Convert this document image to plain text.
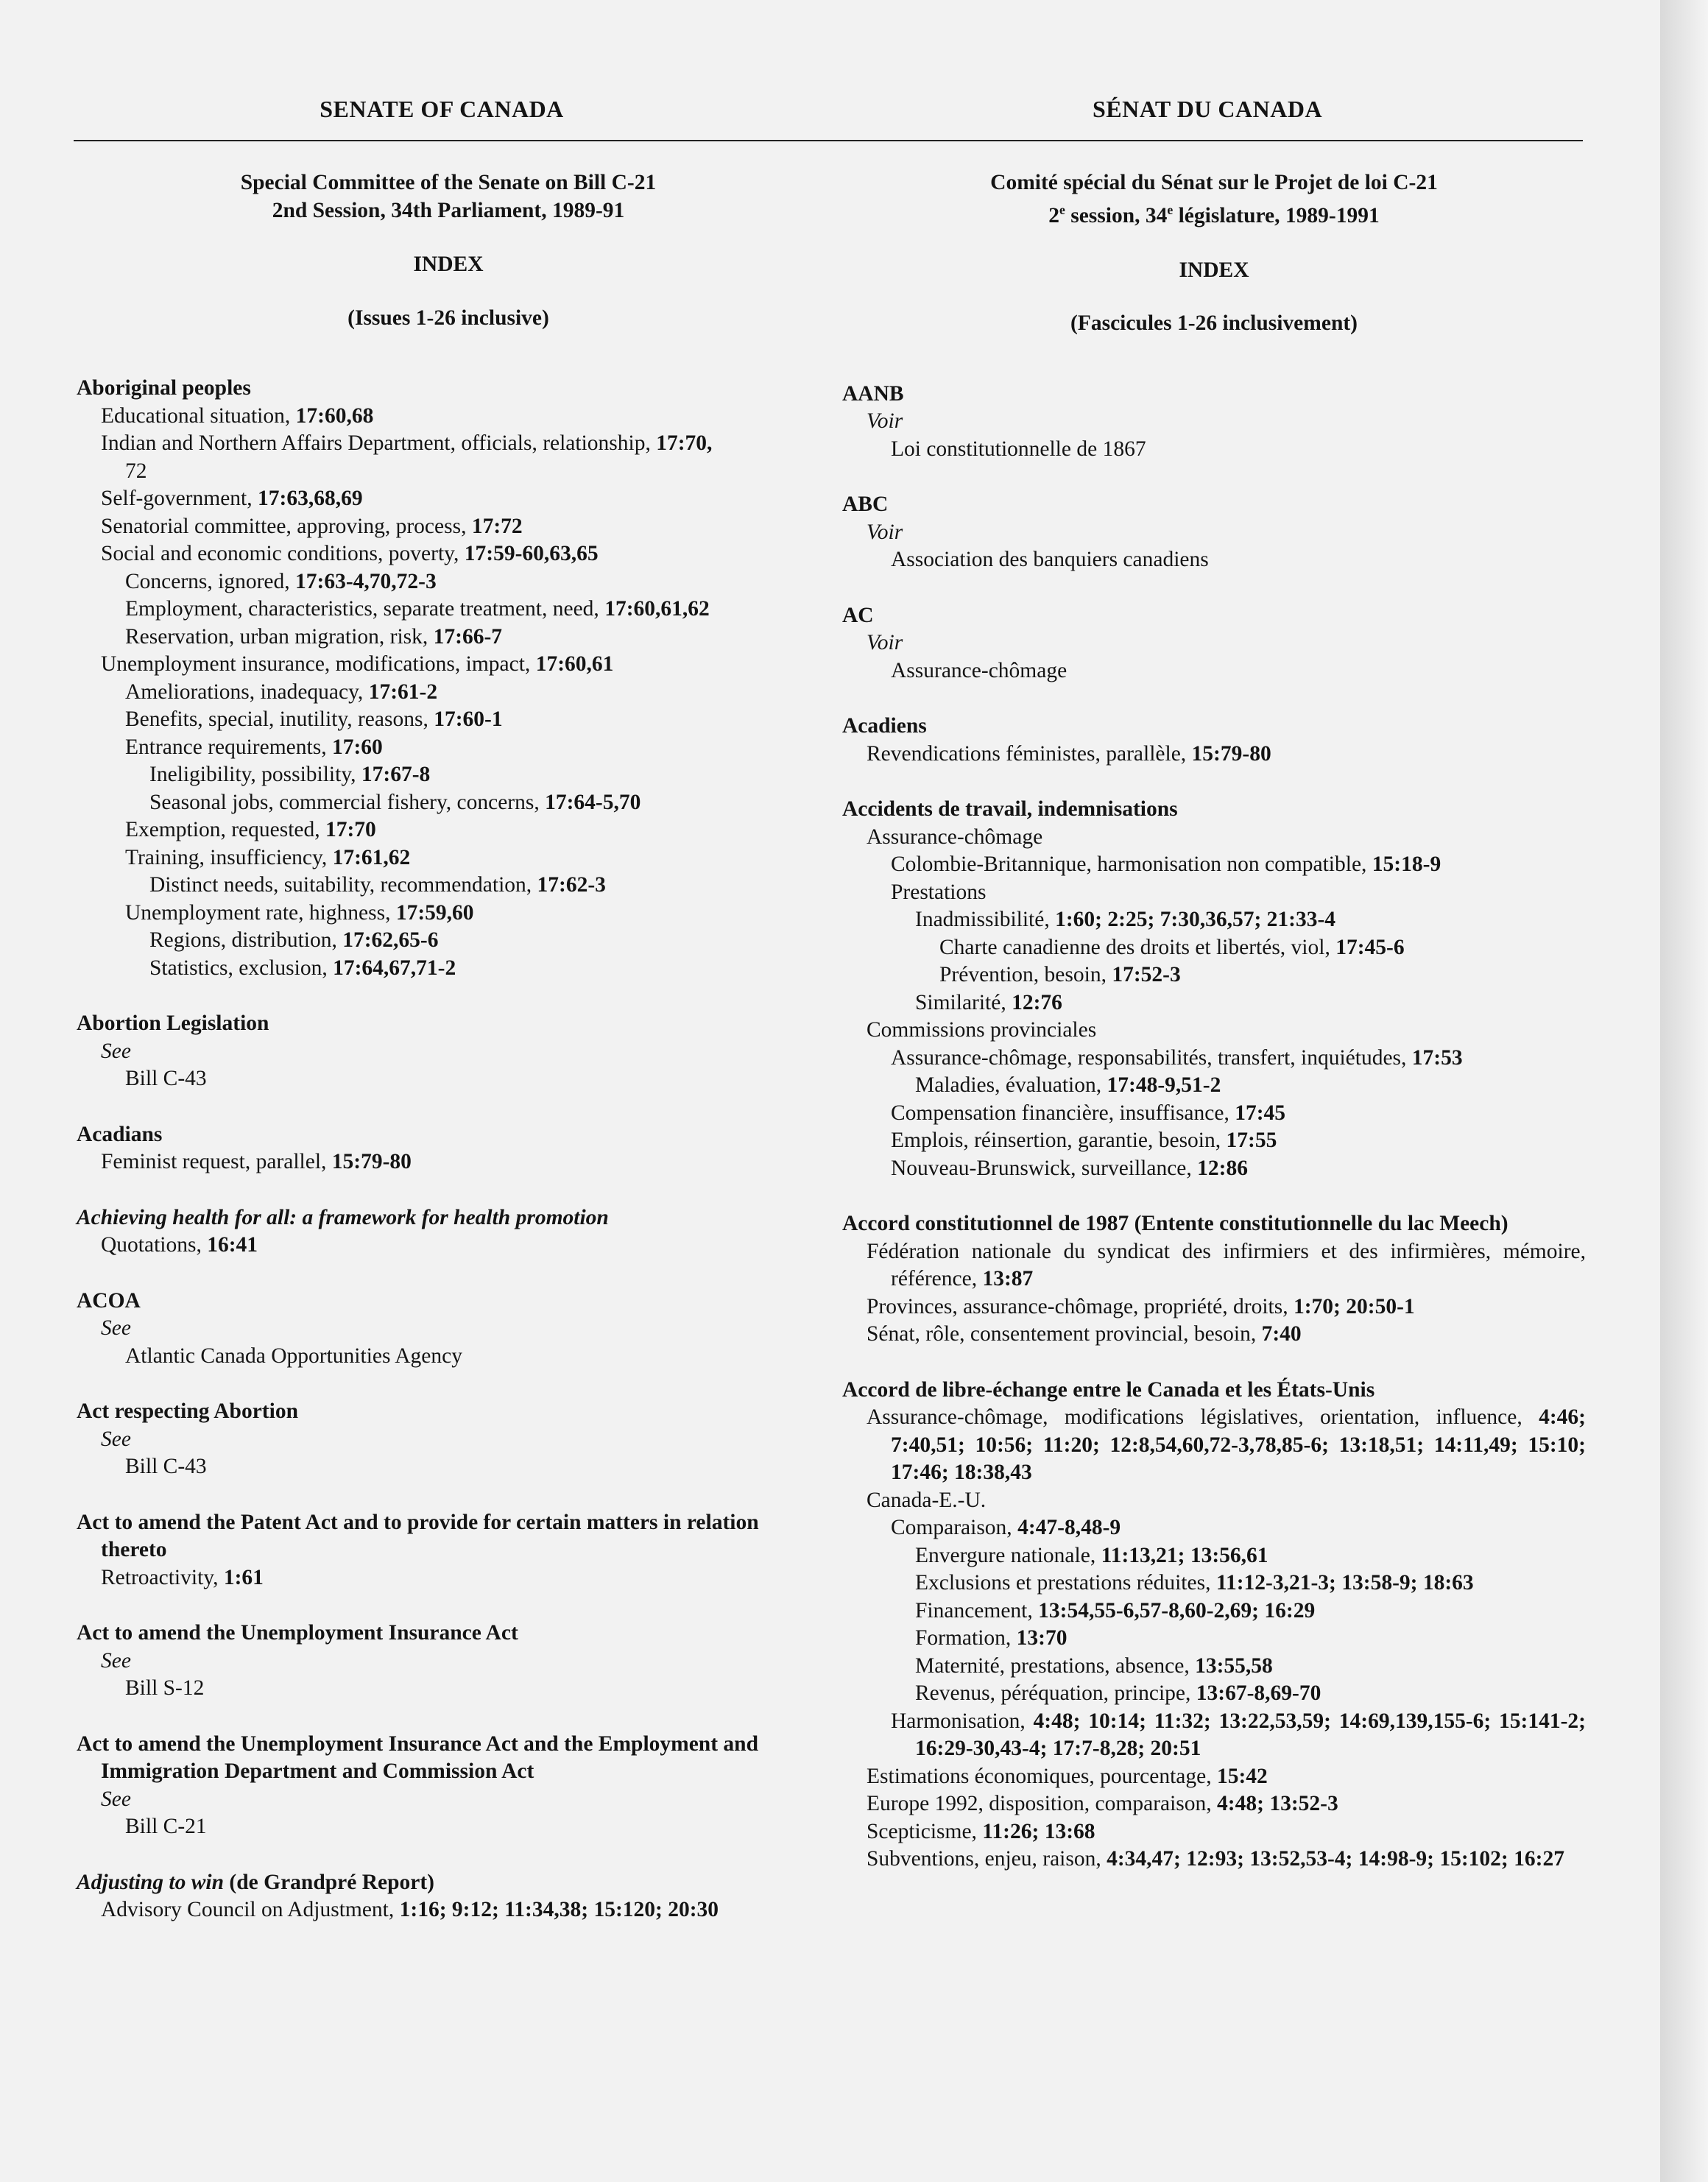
SENATE OF CANADA	SÉNAT DU CANADA
Special Committee of the Senate on Bill C-21
2nd Session, 34th Parliament, 1989-91
INDEX
(Issues 1-26 inclusive)
Aboriginal peoples
Educational situation, 17:60,68
Indian and Northern Affairs Department, officials, relationship, 17:70,
72
Self-government, 17:63,68,69
Senatorial committee, approving, process, 17:72
Social and economic conditions, poverty, 17:59-60,63,65
Concerns, ignored, 17:63-4,70,72-3
Employment, characteristics, separate treatment, need, 17:60,61,62
Reservation, urban migration, risk, 17:66-7
Unemployment insurance, modifications, impact, 17:60,61
Ameliorations, inadequacy, 17:61-2
Benefits, special, inutility, reasons, 17:60-1
Entrance requirements, 17:60
Ineligibility, possibility, 17:67-8
Seasonal jobs, commercial fishery, concerns, 17:64-5,70
Exemption, requested, 17:70
Training, insufficiency, 17:61,62
Distinct needs, suitability, recommendation, 17:62-3
Unemployment rate, highness, 17:59,60
Regions, distribution, 17:62,65-6
Statistics, exclusion, 17:64,67,71-2
Abortion Legislation
See
Bill C-43
Acadians
Feminist request, parallel, 15:79-80
Achieving health for all: a framework for health promotion
Quotations, 16:41
ACOA
See
Atlantic Canada Opportunities Agency
Act respecting Abortion
See
Bill C-43
Act to amend the Patent Act and to provide for certain matters in relation thereto
Retroactivity, 1:61
Act to amend the Unemployment Insurance Act
See
Bill S-12
Act to amend the Unemployment Insurance Act and the Employment and Immigration Department and Commission Act
See
Bill C-21
Adjusting to win (de Grandpré Report)
Advisory Council on Adjustment, 1:16; 9:12; 11:34,38; 15:120; 20:30
Comité spécial du Sénat sur le Projet de loi C-21
2e session, 34e législature, 1989-1991
INDEX
(Fascicules 1-26 inclusivement)
AANB
Voir
Loi constitutionnelle de 1867
ABC
Voir
Association des banquiers canadiens
AC
Voir
Assurance-chômage
Acadiens
Revendications féministes, parallèle, 15:79-80
Accidents de travail, indemnisations
Assurance-chômage
Colombie-Britannique, harmonisation non compatible, 15:18-9
Prestations
Inadmissibilité, 1:60; 2:25; 7:30,36,57; 21:33-4
Charte canadienne des droits et libertés, viol, 17:45-6
Prévention, besoin, 17:52-3
Similarité, 12:76
Commissions provinciales
Assurance-chômage, responsabilités, transfert, inquiétudes, 17:53
Maladies, évaluation, 17:48-9,51-2
Compensation financière, insuffisance, 17:45
Emplois, réinsertion, garantie, besoin, 17:55
Nouveau-Brunswick, surveillance, 12:86
Accord constitutionnel de 1987 (Entente constitutionnelle du lac Meech)
Fédération nationale du syndicat des infirmiers et des infirmières, mémoire, référence, 13:87
Provinces, assurance-chômage, propriété, droits, 1:70; 20:50-1
Sénat, rôle, consentement provincial, besoin, 7:40
Accord de libre-échange entre le Canada et les États-Unis
Assurance-chômage, modifications législatives, orientation, influence, 4:46; 7:40,51; 10:56; 11:20; 12:8,54,60,72-3,78,85-6; 13:18,51; 14:11,49; 15:10; 17:46; 18:38,43
Canada-E.-U.
Comparaison, 4:47-8,48-9
Envergure nationale, 11:13,21; 13:56,61
Exclusions et prestations réduites, 11:12-3,21-3; 13:58-9; 18:63
Financement, 13:54,55-6,57-8,60-2,69; 16:29
Formation, 13:70
Maternité, prestations, absence, 13:55,58
Revenus, péréquation, principe, 13:67-8,69-70
Harmonisation, 4:48; 10:14; 11:32; 13:22,53,59; 14:69,139,155-6; 15:141-2; 16:29-30,43-4; 17:7-8,28; 20:51
Estimations économiques, pourcentage, 15:42
Europe 1992, disposition, comparaison, 4:48; 13:52-3
Scepticisme, 11:26; 13:68
Subventions, enjeu, raison, 4:34,47; 12:93; 13:52,53-4; 14:98-9; 15:102; 16:27
